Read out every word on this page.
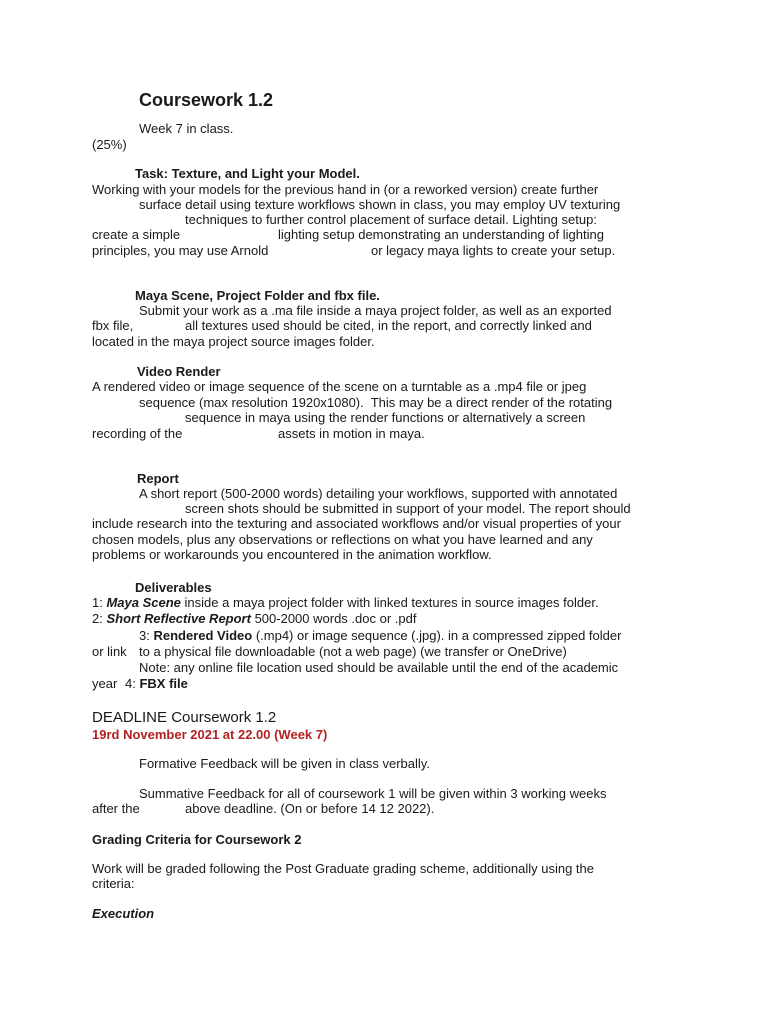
Coursework 1.2
Week 7 in class.
(25%)
Task: Texture, and Light your Model.
Working with your models for the previous hand in (or a reworked version) create further
surface detail using texture workflows shown in class, you may employ UV texturing
techniques to further control placement of surface detail. Lighting setup:
create a simple	lighting setup demonstrating an understanding of lighting
principles, you may use Arnold	or legacy maya lights to create your setup.
Maya Scene, Project Folder and fbx file.
Submit your work as a .ma file inside a maya project folder, as well as an exported
fbx file,	all textures used should be cited, in the report, and correctly linked and
located in the maya project source images folder.
Video Render
A rendered video or image sequence of the scene on a turntable as a .mp4 file or jpeg
sequence (max resolution 1920x1080).  This may be a direct render of the rotating
sequence in maya using the render functions or alternatively a screen
recording of the	assets in motion in maya.
Report
A short report (500-2000 words) detailing your workflows, supported with annotated
screen shots should be submitted in support of your model. The report should
include research into the texturing and associated workflows and/or visual properties of your
chosen models, plus any observations or reflections on what you have learned and any
problems or workarounds you encountered in the animation workflow.
Deliverables
1: Maya Scene inside a maya project folder with linked textures in source images folder.
2: Short Reflective Report 500-2000 words .doc or .pdf
3: Rendered Video (.mp4) or image sequence (.jpg). in a compressed zipped folder
or link to a physical file downloadable (not a web page) (we transfer or OneDrive)
Note: any online file location used should be available until the end of the academic
year 4: FBX file
DEADLINE Coursework 1.2
19rd November 2021 at 22.00 (Week 7)
Formative Feedback will be given in class verbally.
Summative Feedback for all of coursework 1 will be given within 3 working weeks
after the	above deadline. (On or before 14 12 2022).
Grading Criteria for Coursework 2
Work will be graded following the Post Graduate grading scheme, additionally using the
criteria:
Execution
